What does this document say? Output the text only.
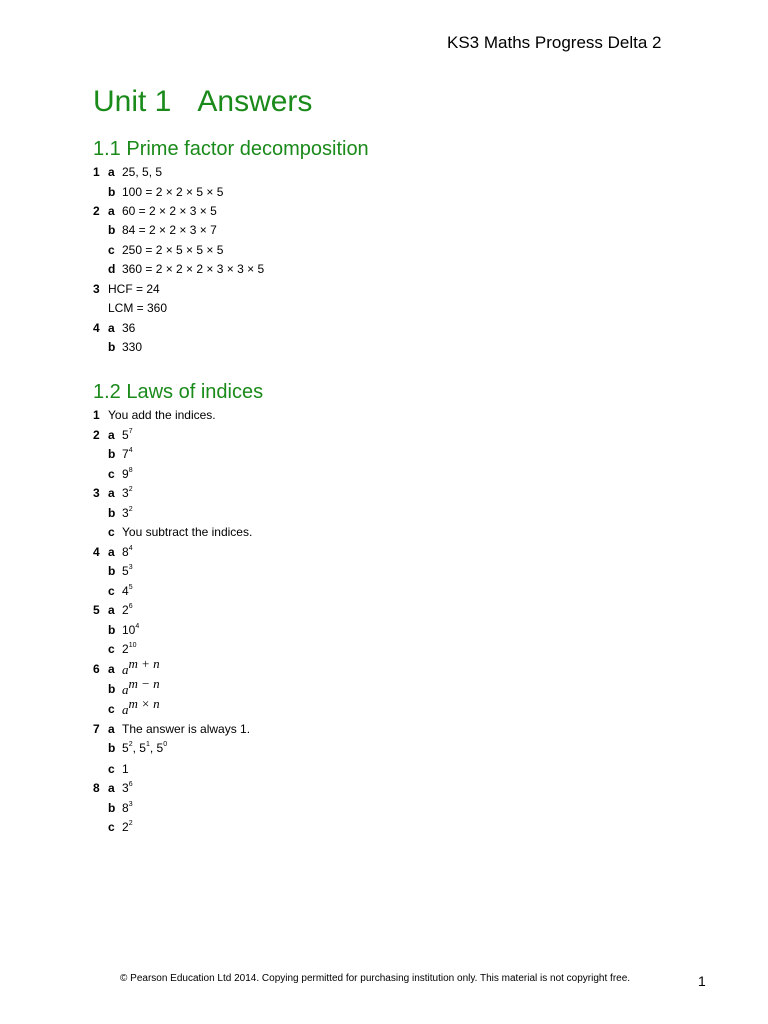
KS3 Maths Progress Delta 2
Unit 1 Answers
1.1 Prime factor decomposition
1 a 25, 5, 5
b 100 = 2 × 2 × 5 × 5
2 a 60 = 2 × 2 × 3 × 5
b 84 = 2 × 2 × 3 × 7
c 250 = 2 × 5 × 5 × 5
d 360 = 2 × 2 × 2 × 3 × 3 × 5
3 HCF = 24
LCM = 360
4 a 36
b 330
1.2 Laws of indices
1 You add the indices.
2 a $5^7$
b $7^4$
c $9^8$
3 a $3^2$
b $3^2$
c You subtract the indices.
4 a $8^4$
b $5^3$
c $4^5$
5 a $2^6$
b $10^4$
c $2^{10}$
6 a $a^{m + n}$
b $a^{m - n}$
c $a^{m \times n}$
7 a The answer is always 1.
b $5^2$, $5^1$, $5^0$
c 1
8 a $3^6$
b $8^3$
c $2^2$
© Pearson Education Ltd 2014. Copying permitted for purchasing institution only. This material is not copyright free.	1
